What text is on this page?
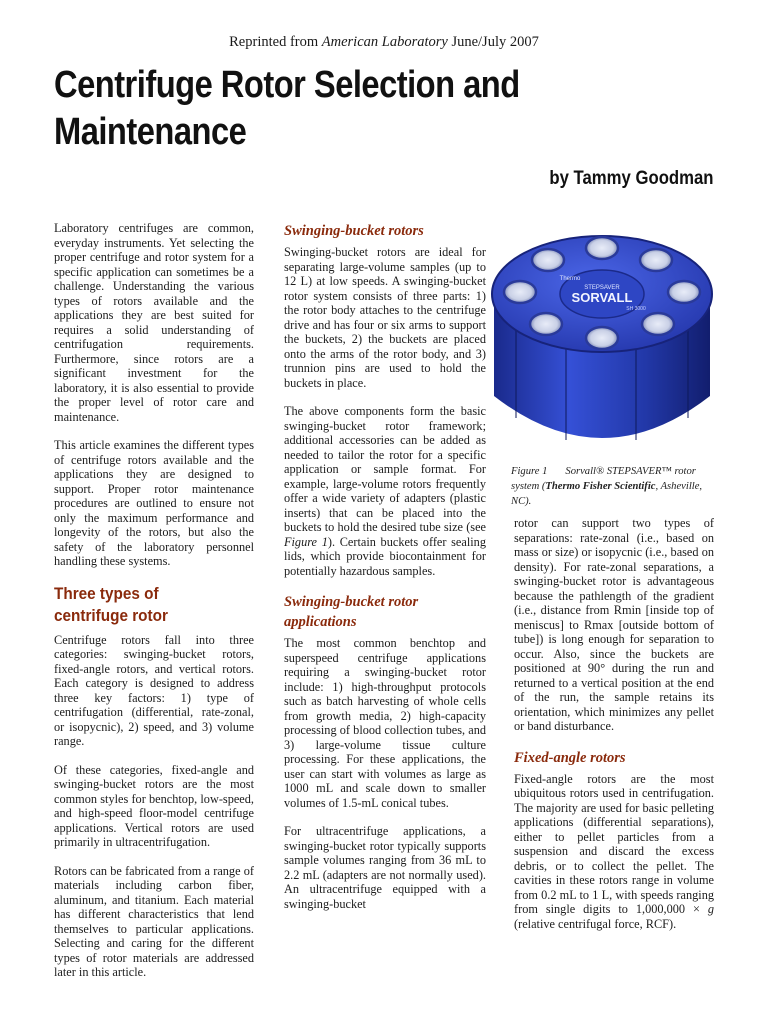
Reprinted from American Laboratory June/July 2007
Centrifuge Rotor Selection and
Maintenance
by Tammy Goodman

Laboratory centrifuges are common, everyday instruments. Yet selecting the proper centrifuge and rotor system for a specific application can sometimes be a challenge. Understanding the various types of rotors available and the applications they are best suited for requires a solid understanding of centrifugation requirements. Furthermore, since rotors are a significant investment for the laboratory, it is also essential to provide the proper level of rotor care and maintenance.

This article examines the different types of centrifuge rotors available and the applications they are designed to support. Proper rotor maintenance procedures are outlined to ensure not only the maximum performance and longevity of the rotors, but also the safety of the laboratory personnel handling these systems.

Three types of
centrifuge rotor

Centrifuge rotors fall into three categories: swinging-bucket rotors, fixed-angle rotors, and vertical rotors. Each category is designed to address three key factors: 1) type of centrifugation (differential, rate-zonal, or isopycnic), 2) speed, and 3) volume range.

Of these categories, fixed-angle and swinging-bucket rotors are the most common styles for benchtop, low-speed, and high-speed floor-model centrifuge applications. Vertical rotors are used primarily in ultracentrifugation.

Rotors can be fabricated from a range of materials including carbon fiber, aluminum, and titanium. Each material has different characteristics that lend themselves to particular applications. Selecting and caring for the different types of rotor materials are addressed later in this article.

Swinging-bucket rotors

Swinging-bucket rotors are ideal for separating large-volume samples (up to 12 L) at low speeds. A swinging-bucket rotor system consists of three parts: 1) the rotor body attaches to the centrifuge drive and has four or six arms to support the buckets, 2) the buckets are placed onto the arms of the rotor body, and 3) trunnion pins are used to hold the buckets in place.

The above components form the basic swinging-bucket rotor framework; additional accessories can be added as needed to tailor the rotor for a specific application or sample format. For example, large-volume rotors frequently offer a wide variety of adapters (plastic inserts) that can be placed into the buckets to hold the desired tube size (see Figure 1). Certain buckets offer sealing lids, which provide biocontainment for potentially hazardous samples.

Swinging-bucket rotor
applications

The most common benchtop and superspeed centrifuge applications requiring a swinging-bucket rotor include: 1) high-throughput protocols such as batch harvesting of whole cells from growth media, 2) high-capacity processing of blood collection tubes, and 3) large-volume tissue culture processing. For these applications, the user can start with volumes as large as 1000 mL and scale down to smaller volumes of 1.5-mL conical tubes.

For ultracentrifuge applications, a swinging-bucket rotor typically supports sample volumes ranging from 36 mL to 2.2 mL (adapters are not normally used). An ultracentrifuge equipped with a swinging-bucket

STEPSAVER
SORVALL
Thermo
SH 3000
Figure 1 Sorvall® STEPSAVER™ rotor system (Thermo Fisher Scientific, Asheville, NC).

rotor can support two types of separations: rate-zonal (i.e., based on mass or size) or isopycnic (i.e., based on density). For rate-zonal separations, a swinging-bucket rotor is advantageous because the pathlength of the gradient (i.e., distance from Rmin [inside top of meniscus] to Rmax [outside bottom of tube]) is long enough for separation to occur. Also, since the buckets are positioned at 90° during the run and returned to a vertical position at the end of the run, the sample retains its orientation, which minimizes any pellet or band disturbance.

Fixed-angle rotors

Fixed-angle rotors are the most ubiquitous rotors used in centrifugation. The majority are used for basic pelleting applications (differential separations), either to pellet particles from a suspension and discard the excess debris, or to collect the pellet. The cavities in these rotors range in volume from 0.2 mL to 1 L, with speeds ranging from single digits to 1,000,000 × g (relative centrifugal force, RCF).
